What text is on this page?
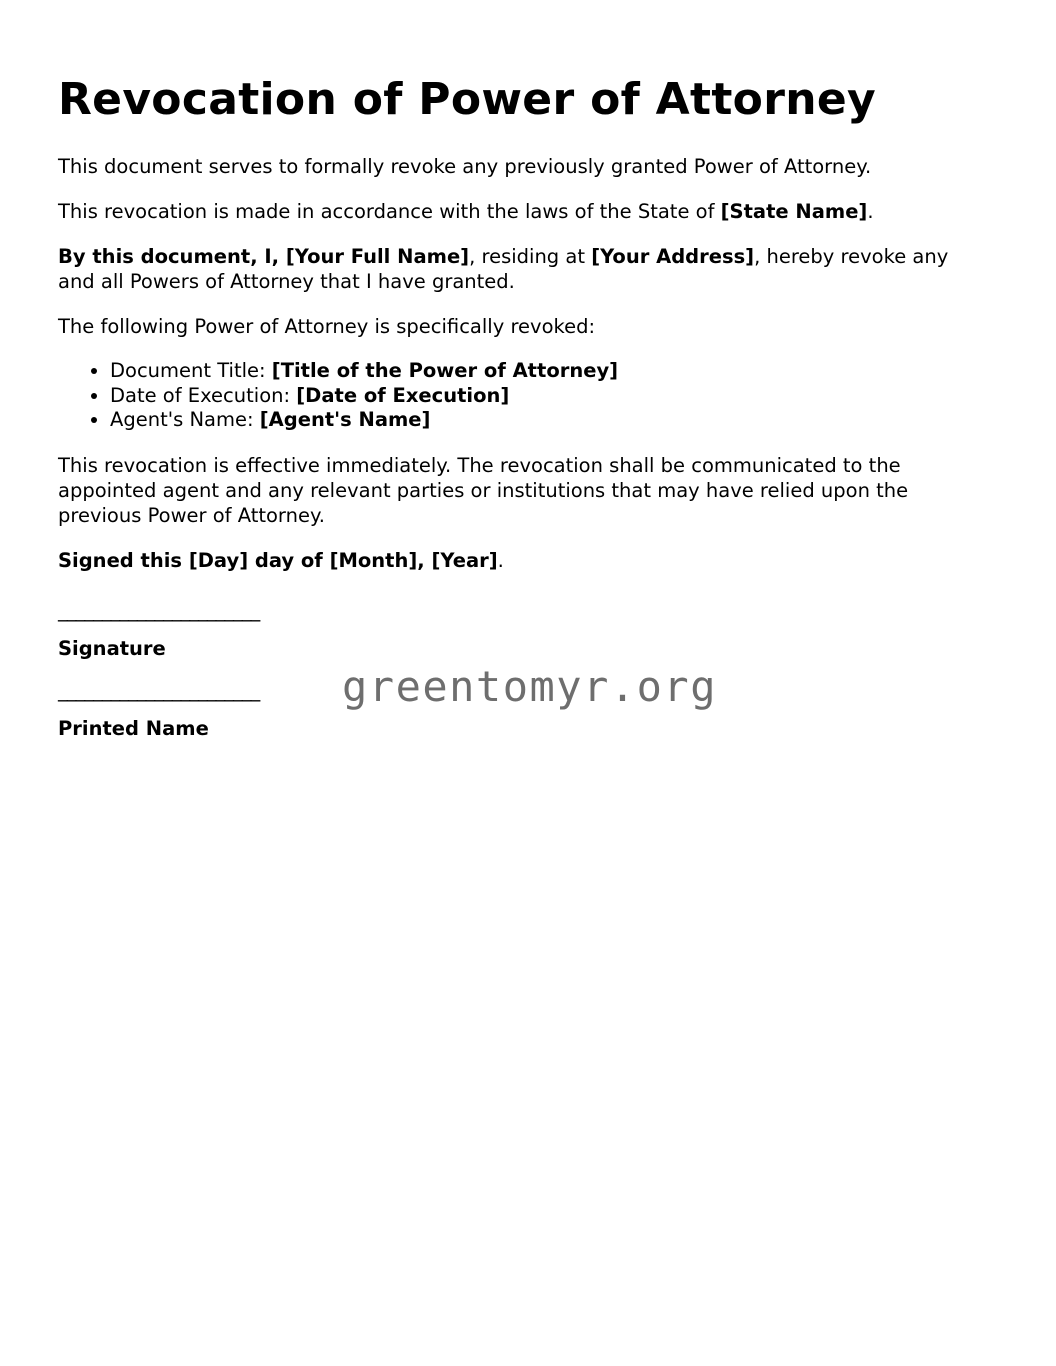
Revocation of Power of Attorney

This document serves to formally revoke any previously granted Power of Attorney.

This revocation is made in accordance with the laws of the State of [State Name].

By this document, I, [Your Full Name], residing at [Your Address], hereby revoke any and all Powers of Attorney that I have granted.

The following Power of Attorney is specifically revoked:

• Document Title: [Title of the Power of Attorney]
• Date of Execution: [Date of Execution]
• Agent's Name: [Agent's Name]

This revocation is effective immediately. The revocation shall be communicated to the appointed agent and any relevant parties or institutions that may have relied upon the previous Power of Attorney.

Signed this [Day] day of [Month], [Year].

_______________________
Signature
_______________________
Printed Name
greentomyr.org
